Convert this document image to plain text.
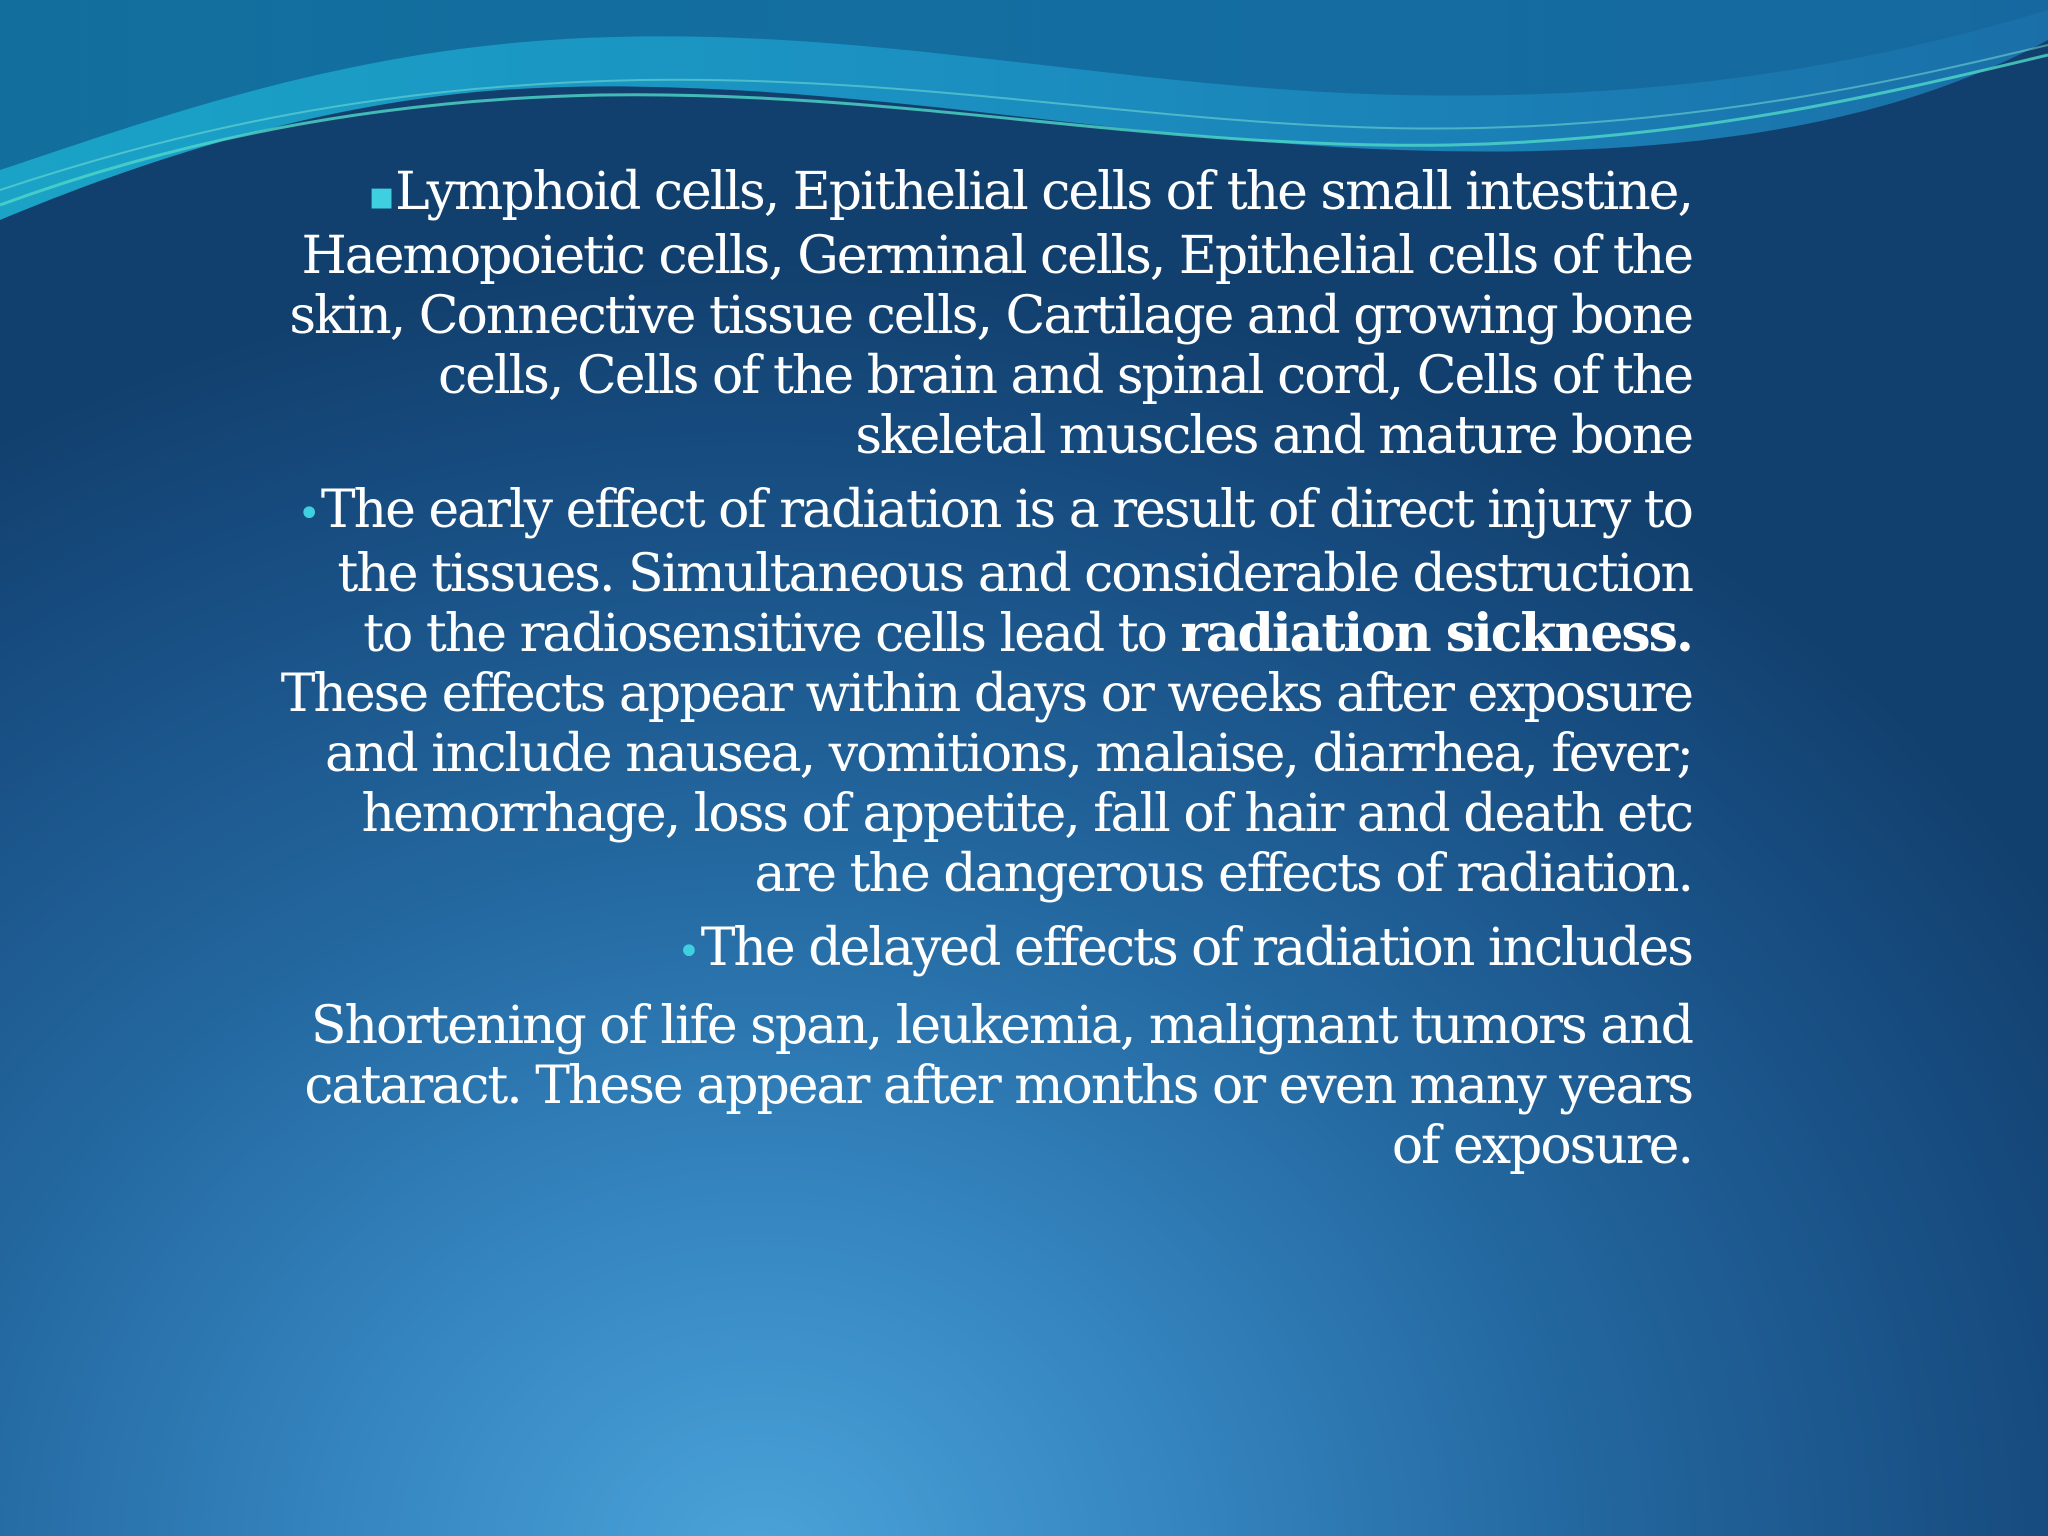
▪Lymphoid cells, Epithelial cells of the small intestine, Haemopoietic cells, Germinal cells, Epithelial cells of the skin, Connective tissue cells, Cartilage and growing bone cells, Cells of the brain and spinal cord, Cells of the skeletal muscles and mature bone

•The early effect of radiation is a result of direct injury to the tissues. Simultaneous and considerable destruction to the radiosensitive cells lead to radiation sickness. These effects appear within days or weeks after exposure and include nausea, vomitions, malaise, diarrhea, fever; hemorrhage, loss of appetite, fall of hair and death etc are the dangerous effects of radiation.

•The delayed effects of radiation includes

Shortening of life span, leukemia, malignant tumors and cataract. These appear after months or even many years of exposure.
